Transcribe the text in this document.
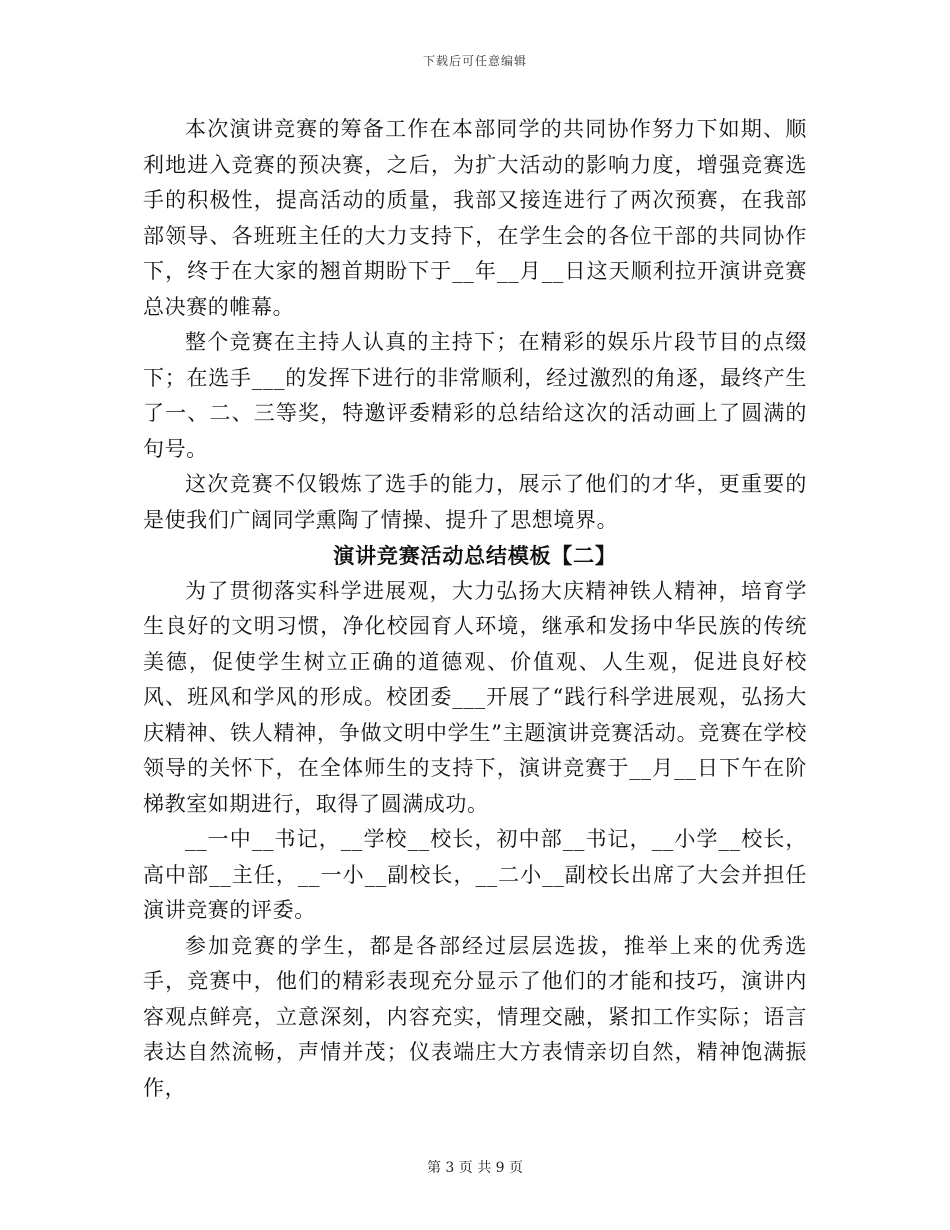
下载后可任意编辑

本次演讲竞赛的筹备工作在本部同学的共同协作努力下如期、顺利地进入竞赛的预决赛，之后，为扩大活动的影响力度，增强竞赛选手的积极性，提高活动的质量，我部又接连进行了两次预赛，在我部部领导、各班班主任的大力支持下，在学生会的各位干部的共同协作下，终于在大家的翘首期盼下于__年__月__日这天顺利拉开演讲竞赛总决赛的帷幕。

整个竞赛在主持人认真的主持下；在精彩的娱乐片段节目的点缀下；在选手___的发挥下进行的非常顺利，经过激烈的角逐，最终产生了一、二、三等奖，特邀评委精彩的总结给这次的活动画上了圆满的句号。

这次竞赛不仅锻炼了选手的能力，展示了他们的才华，更重要的是使我们广阔同学熏陶了情操、提升了思想境界。

演讲竞赛活动总结模板【二】

为了贯彻落实科学进展观，大力弘扬大庆精神铁人精神，培育学生良好的文明习惯，净化校园育人环境，继承和发扬中华民族的传统美德，促使学生树立正确的道德观、价值观、人生观，促进良好校风、班风和学风的形成。校团委___开展了“践行科学进展观，弘扬大庆精神、铁人精神，争做文明中学生”主题演讲竞赛活动。竞赛在学校领导的关怀下，在全体师生的支持下，演讲竞赛于__月__日下午在阶梯教室如期进行，取得了圆满成功。

__一中__书记，__学校__校长，初中部__书记，__小学__校长，高中部__主任，__一小__副校长，__二小__副校长出席了大会并担任演讲竞赛的评委。

参加竞赛的学生，都是各部经过层层选拔，推举上来的优秀选手，竞赛中，他们的精彩表现充分显示了他们的才能和技巧，演讲内容观点鲜亮，立意深刻，内容充实，情理交融，紧扣工作实际；语言表达自然流畅，声情并茂；仪表端庄大方表情亲切自然，精神饱满振作，

第 3 页 共 9 页
